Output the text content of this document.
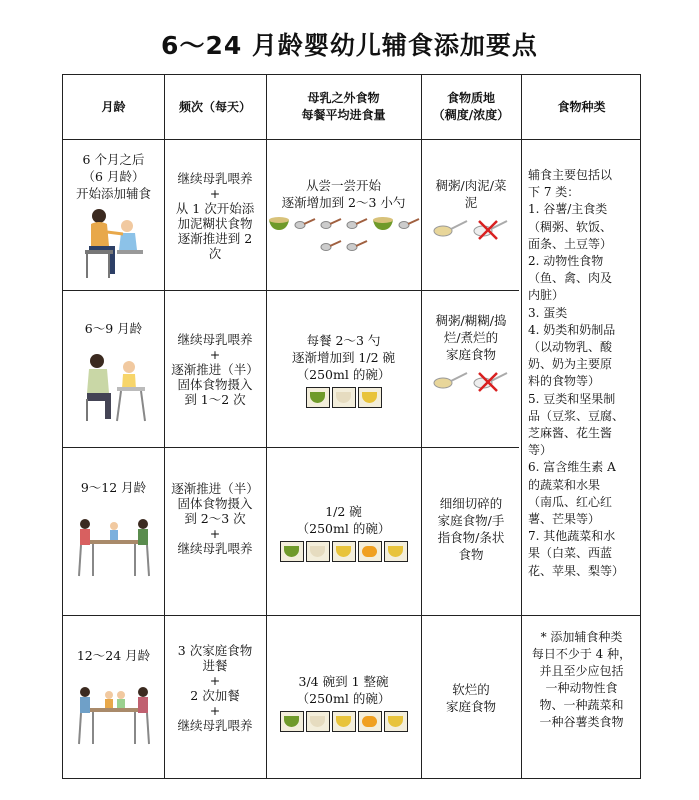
6～24 月龄婴幼儿辅食添加要点
月龄	频次（每天）
母乳之外食物
每餐平均进食量
食物质地
（稠度/浓度）
食物种类
6 个月之后
（6 月龄）
开始添加辅食
继续母乳喂养
+
从 1 次开始添
加泥糊状食物
逐渐推进到 2
次
从尝一尝开始
逐渐增加到 2～3 小勺
稠粥/肉泥/菜
泥
6～9 月龄
继续母乳喂养
+
逐渐推进（半）
固体食物摄入
到 1～2 次
每餐 2～3 勺
逐渐增加到 1/2 碗
（250ml 的碗）
稠粥/糊糊/捣
烂/煮烂的
家庭食物
9～12 月龄 逐渐推进（半）
固体食物摄入
到 2～3 次
+
继续母乳喂养
1/2 碗
（250ml 的碗）
细细切碎的
家庭食物/手
指食物/条状
食物
12～24 月龄 3 次家庭食物
进餐
+
2 次加餐
+
继续母乳喂养
3/4 碗到 1 整碗
（250ml 的碗）
软烂的
家庭食物
辅食主要包括以
下 7 类：
1. 谷薯/主食类
（稠粥、软饭、
面条、土豆等）
2. 动物性食物
（鱼、禽、肉及
内脏）
3. 蛋类
4. 奶类和奶制品
（以动物乳、酸
奶、奶为主要原
料的食物等）
5. 豆类和坚果制
品（豆浆、豆腐、
芝麻酱、花生酱
等）
6. 富含维生素 A
的蔬菜和水果
（南瓜、红心红
薯、芒果等）
7. 其他蔬菜和水
果（白菜、西蓝
花、苹果、梨等）
* 添加辅食种类
每日不少于 4 种，
并且至少应包括
一种动物性食
物、一种蔬菜和
一种谷薯类食物
